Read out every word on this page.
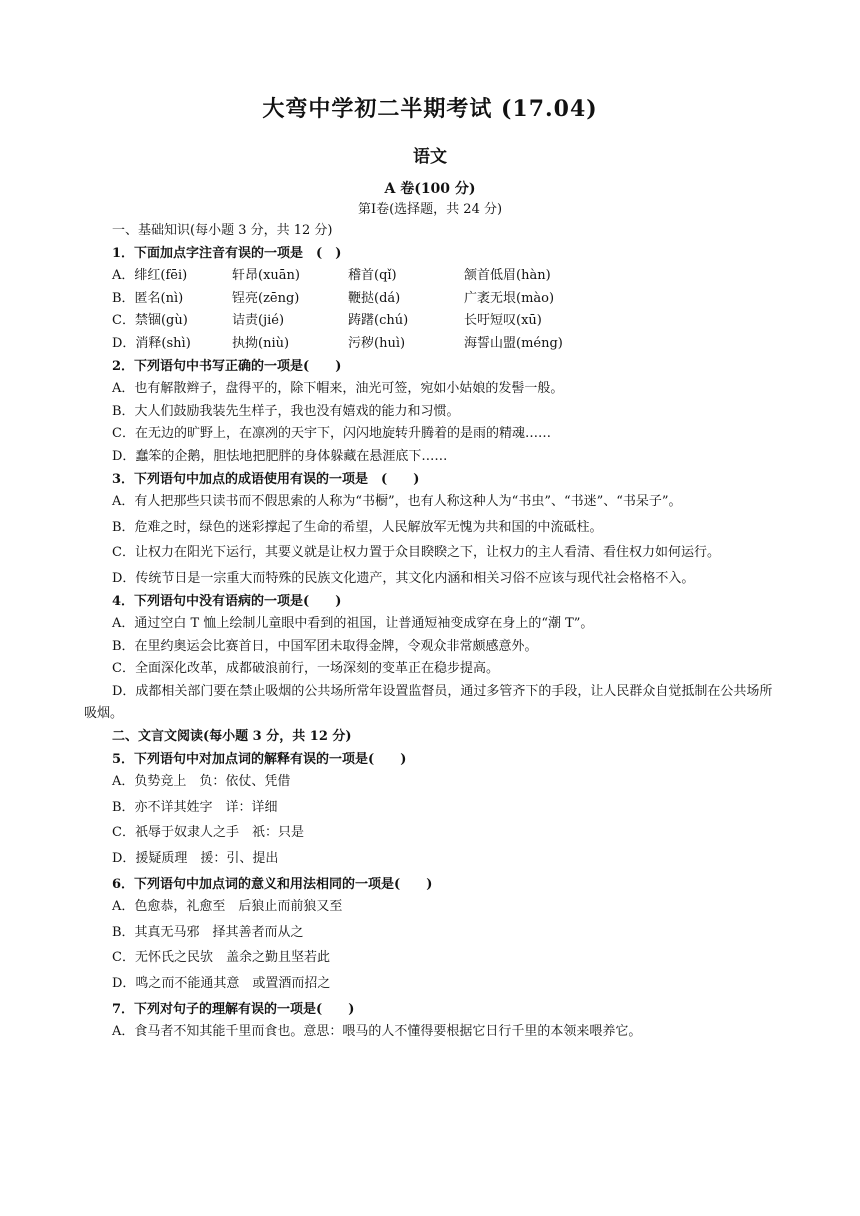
大弯中学初二半期考试 (17.04)
语文
A 卷(100 分)
第Ⅰ卷(选择题，共 24 分)
一、基础知识(每小题 3 分，共 12 分)
1．下面加点字注音有误的一项是　(　)
A．绯红(fēi)	轩昂(xuān)	稽首(qǐ)	颔首低眉(hàn)
B．匿名(nì)	锃亮(zēng)	鞭挞(dá)	广袤无垠(mào)
C．禁锢(gù)	诘责(jié)	踌躇(chú)	长吁短叹(xū)
D．消释(shì)	执拗(niù)	污秽(huì)	海誓山盟(méng)
2．下列语句中书写正确的一项是(　　)
A．也有解散辫子，盘得平的，除下帽来，油光可签，宛如小姑娘的发髻一般。
B．大人们鼓励我装先生样子，我也没有嬉戏的能力和习惯。
C．在无边的旷野上，在凛冽的天宇下，闪闪地旋转升腾着的是雨的精魂……
D．蠢笨的企鹅，胆怯地把肥胖的身体躲藏在悬涯底下……
3．下列语句中加点的成语使用有误的一项是　(　　)
A．有人把那些只读书而不假思索的人称为“书橱”，也有人称这种人为“书虫”、“书迷”、“书呆子”。
B．危难之时，绿色的迷彩撑起了生命的希望，人民解放军无愧为共和国的中流砥柱。
C．让权力在阳光下运行，其要义就是让权力置于众目睽睽之下，让权力的主人看清、看住权力如何运行。
D．传统节日是一宗重大而特殊的民族文化遗产，其文化内涵和相关习俗不应该与现代社会格格不入。
4．下列语句中没有语病的一项是(　　)
A．通过空白 T 恤上绘制儿童眼中看到的祖国，让普通短袖变成穿在身上的“潮 T”。
B．在里约奥运会比赛首日，中国军团未取得金牌，令观众非常颇感意外。
C．全面深化改革，成都破浪前行，一场深刻的变革正在稳步提高。
D．成都相关部门要在禁止吸烟的公共场所常年设置监督员，通过多管齐下的手段，让人民群众自觉抵制在公共场所吸烟。
二、文言文阅读(每小题 3 分，共 12 分)
5．下列语句中对加点词的解释有误的一项是(　　)
A．负势竞上　负：依仗、凭借
B．亦不详其姓字　详：详细
C．祇辱于奴隶人之手　祇：只是
D．援疑质理　援：引、提出
6．下列语句中加点词的意义和用法相同的一项是(　　)
A．色愈恭，礼愈至　后狼止而前狼又至
B．其真无马邪　择其善者而从之
C．无怀氏之民欤　盖余之勤且坚若此
D．鸣之而不能通其意　或置酒而招之
7．下列对句子的理解有误的一项是(　　)
A．食马者不知其能千里而食也。意思：喂马的人不懂得要根据它日行千里的本领来喂养它。
